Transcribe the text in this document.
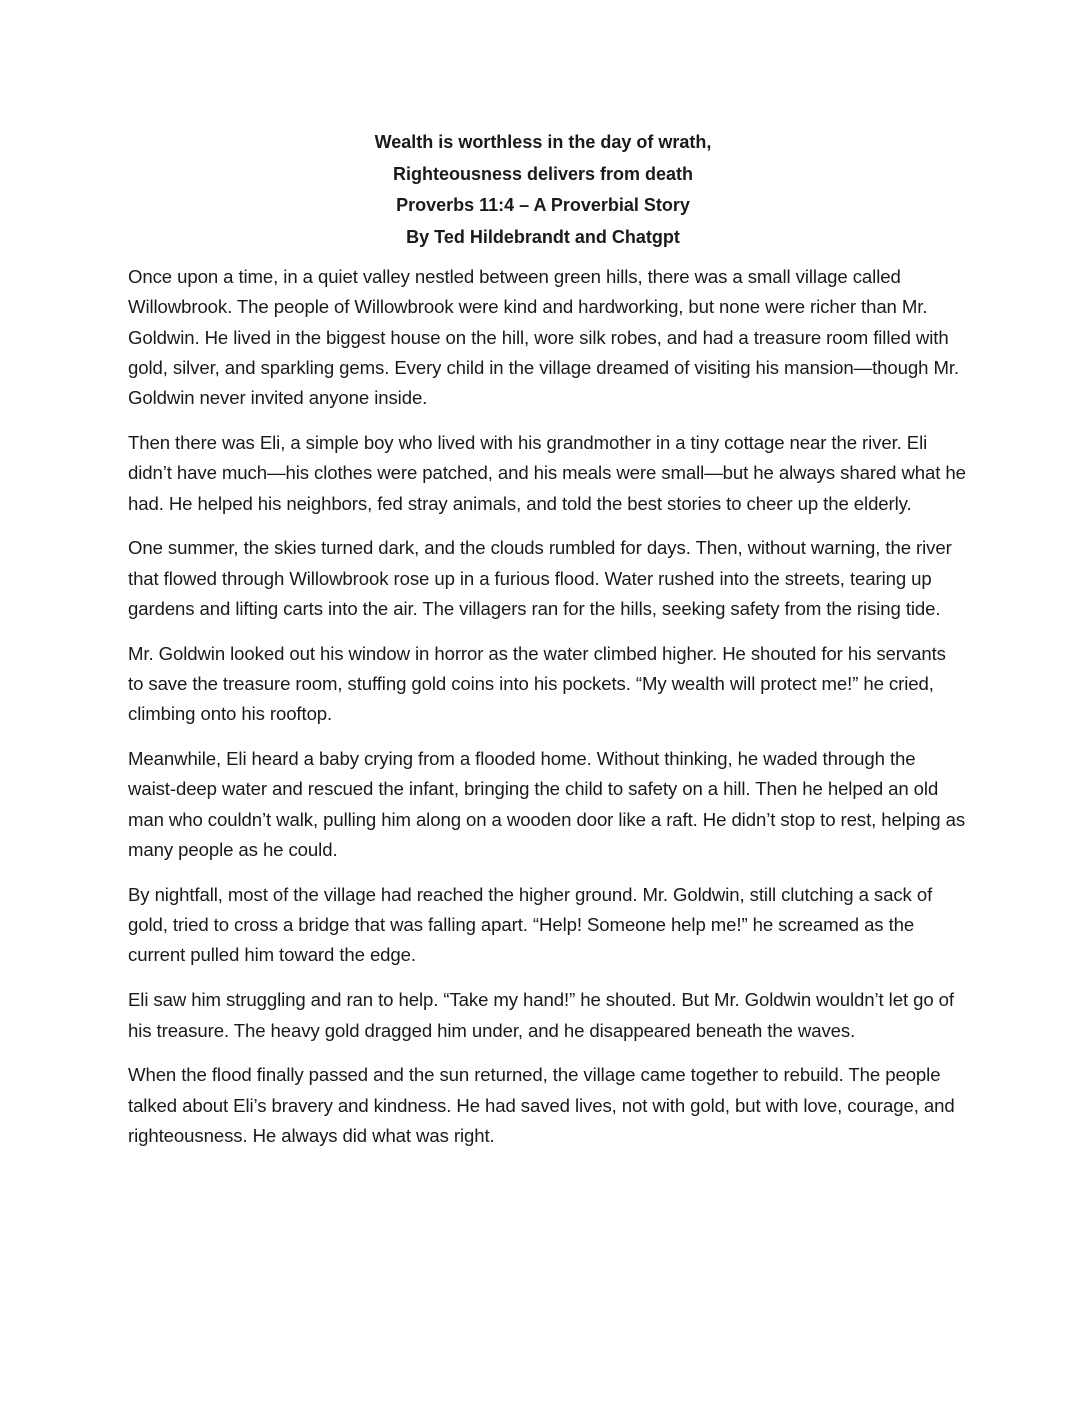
Wealth is worthless in the day of wrath,

Righteousness delivers from death

Proverbs 11:4 – A Proverbial Story

By Ted Hildebrandt and Chatgpt

Once upon a time, in a quiet valley nestled between green hills, there was a small village called Willowbrook. The people of Willowbrook were kind and hardworking, but none were richer than Mr. Goldwin. He lived in the biggest house on the hill, wore silk robes, and had a treasure room filled with gold, silver, and sparkling gems. Every child in the village dreamed of visiting his mansion—though Mr. Goldwin never invited anyone inside.

Then there was Eli, a simple boy who lived with his grandmother in a tiny cottage near the river. Eli didn’t have much—his clothes were patched, and his meals were small—but he always shared what he had. He helped his neighbors, fed stray animals, and told the best stories to cheer up the elderly.

One summer, the skies turned dark, and the clouds rumbled for days. Then, without warning, the river that flowed through Willowbrook rose up in a furious flood. Water rushed into the streets, tearing up gardens and lifting carts into the air. The villagers ran for the hills, seeking safety from the rising tide.

Mr. Goldwin looked out his window in horror as the water climbed higher. He shouted for his servants to save the treasure room, stuffing gold coins into his pockets. “My wealth will protect me!” he cried, climbing onto his rooftop.

Meanwhile, Eli heard a baby crying from a flooded home. Without thinking, he waded through the waist-deep water and rescued the infant, bringing the child to safety on a hill. Then he helped an old man who couldn’t walk, pulling him along on a wooden door like a raft. He didn’t stop to rest, helping as many people as he could.

By nightfall, most of the village had reached the higher ground. Mr. Goldwin, still clutching a sack of gold, tried to cross a bridge that was falling apart. “Help! Someone help me!” he screamed as the current pulled him toward the edge.

Eli saw him struggling and ran to help. “Take my hand!” he shouted. But Mr. Goldwin wouldn’t let go of his treasure. The heavy gold dragged him under, and he disappeared beneath the waves.

When the flood finally passed and the sun returned, the village came together to rebuild. The people talked about Eli’s bravery and kindness. He had saved lives, not with gold, but with love, courage, and righteousness. He always did what was right.
